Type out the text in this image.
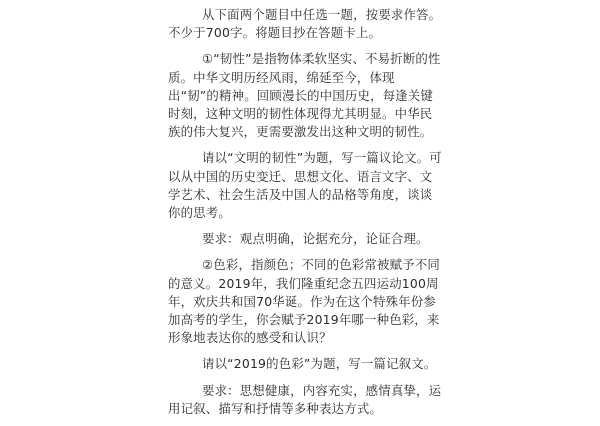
从下面两个题目中任选一题，按要求作答。
不少于700字。将题目抄在答题卡上。

①“韧性”是指物体柔软坚实、不易折断的性
质。中华文明历经风雨，绵延至今，体现
出“韧”的精神。回顾漫长的中国历史，每逢关键
时刻，这种文明的韧性体现得尤其明显。中华民
族的伟大复兴，更需要激发出这种文明的韧性。

请以“文明的韧性”为题，写一篇议论文。可
以从中国的历史变迁、思想文化、语言文字、文
学艺术、社会生活及中国人的品格等角度，谈谈
你的思考。

要求：观点明确，论据充分，论证合理。

②色彩，指颜色；不同的色彩常被赋予不同
的意义。2019年，我们隆重纪念五四运动100周
年，欢庆共和国70华诞。作为在这个特殊年份参
加高考的学生，你会赋予2019年哪一种色彩，来
形象地表达你的感受和认识？

请以“2019的色彩”为题，写一篇记叙文。

要求：思想健康，内容充实，感情真挚，运
用记叙、描写和抒情等多种表达方式。
